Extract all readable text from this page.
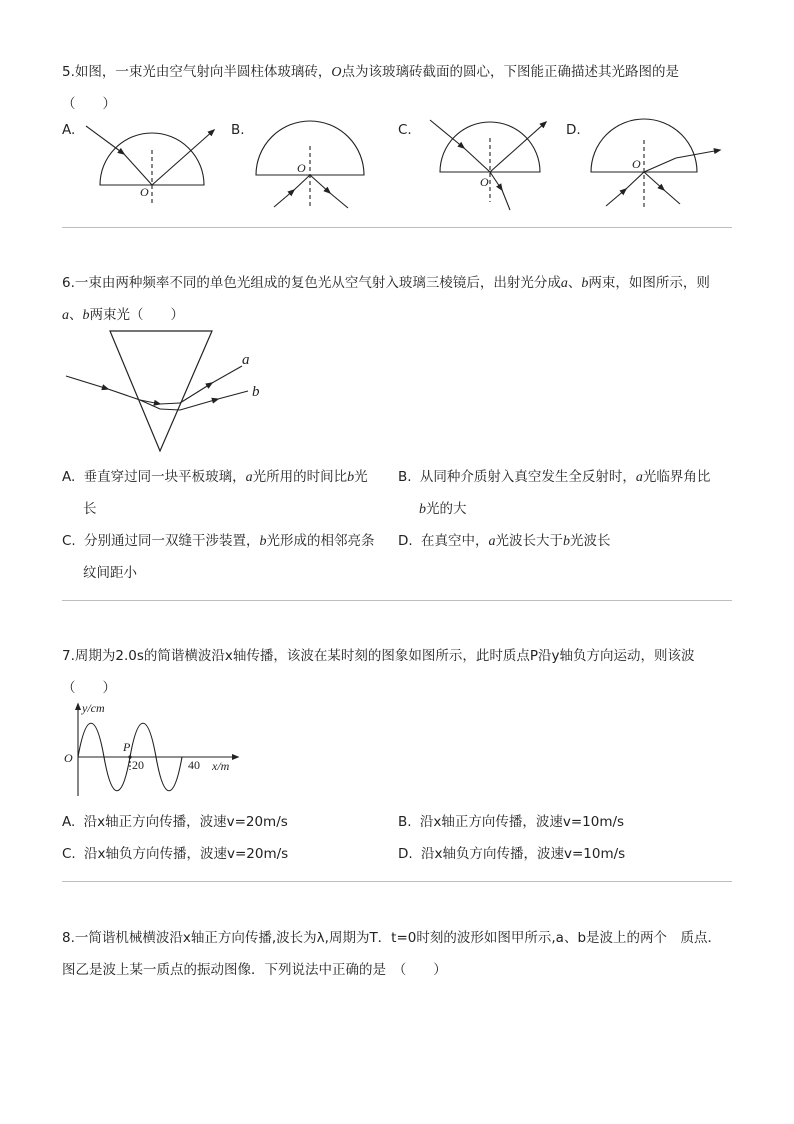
5.如图，一束光由空气射向半圆柱体玻璃砖，O点为该玻璃砖截面的圆心，下图能正确描述其光路图的是
（　　）
A.	B.	C.	D.
O
O
O
O
6.一束由两种频率不同的单色光组成的复色光从空气射入玻璃三棱镜后，出射光分成a、b两束，如图所示，则
a、b两束光（　　）
a
b
A. 垂直穿过同一块平板玻璃，a光所用的时间比b光
长
B. 从同种介质射入真空发生全反射时，a光临界角比
b光的大
C. 分别通过同一双缝干涉装置，b光形成的相邻亮条
纹间距小
D. 在真空中，a光波长大于b光波长
7.周期为2.0s的简谐横波沿x轴传播，该波在某时刻的图象如图所示，此时质点P沿y轴负方向运动，则该波
（　　）
y/cm
O
P
20	40 x/m
A. 沿x轴正方向传播，波速v=20m/s	B. 沿x轴正方向传播，波速v=10m/s
C. 沿x轴负方向传播，波速v=20m/s	D. 沿x轴负方向传播，波速v=10m/s
8.一简谐机械横波沿x轴正方向传播,波长为λ,周期为T．t=0时刻的波形如图甲所示,a、b是波上的两个　质点．
图乙是波上某一质点的振动图像．下列说法中正确的是　（　　）
